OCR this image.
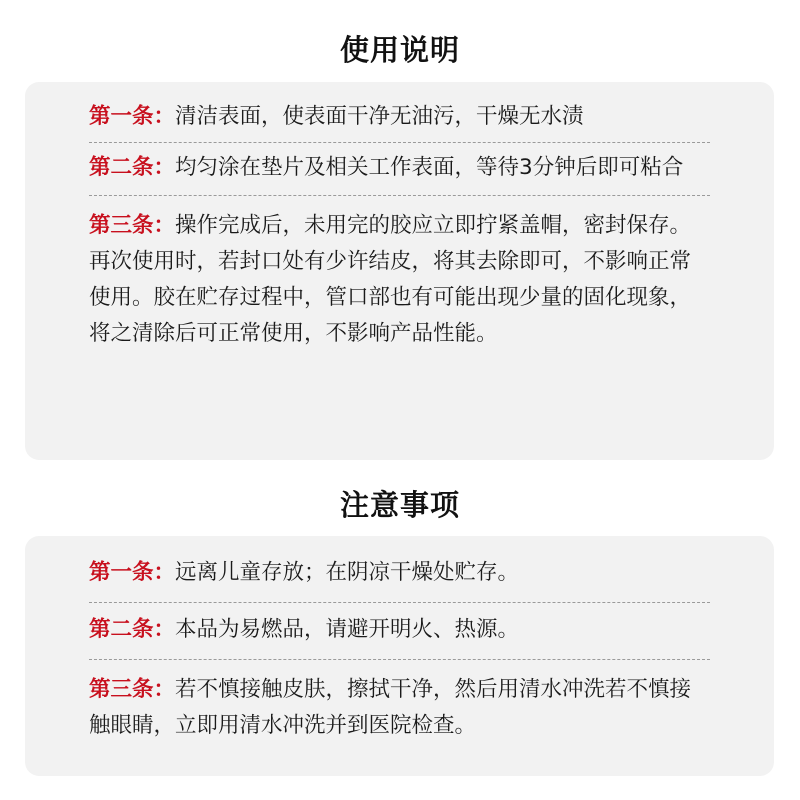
使用说明
第一条：清洁表面，使表面干净无油污，干燥无水渍
第二条：均匀涂在垫片及相关工作表面，等待3分钟后即可粘合
第三条：操作完成后，未用完的胶应立即拧紧盖帽，密封保存。再次使用时，若封口处有少许结皮，将其去除即可，不影响正常使用。胶在贮存过程中，管口部也有可能出现少量的固化现象，将之清除后可正常使用，不影响产品性能。
注意事项
第一条：远离儿童存放；在阴凉干燥处贮存。
第二条：本品为易燃品，请避开明火、热源。
第三条：若不慎接触皮肤，擦拭干净，然后用清水冲洗若不慎接触眼睛，立即用清水冲洗并到医院检查。
